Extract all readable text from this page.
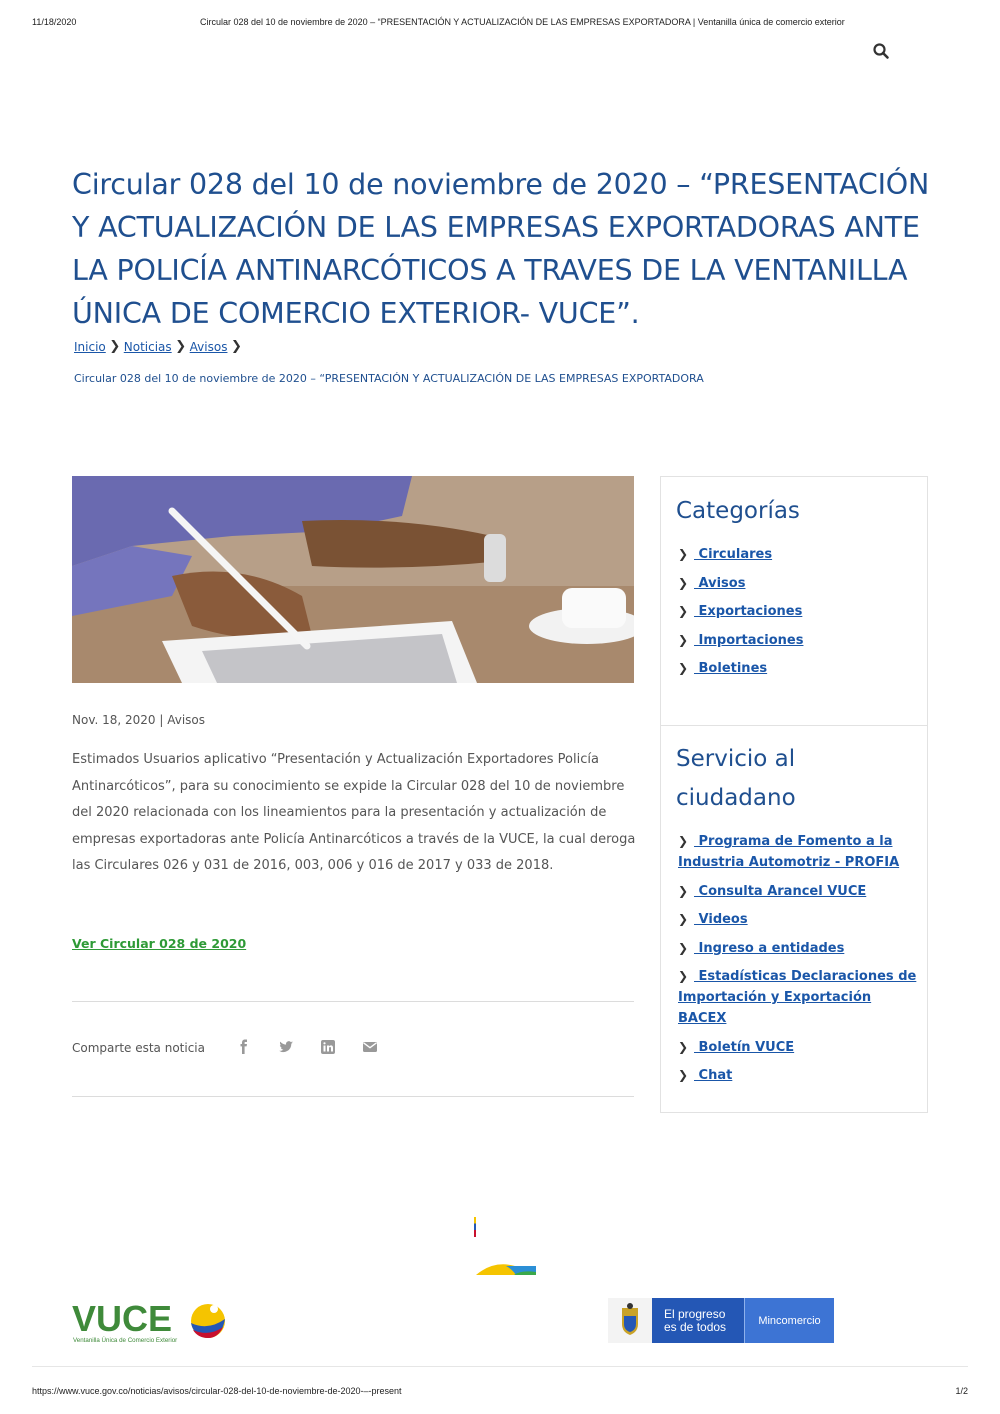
11/18/2020	Circular 028 del 10 de noviembre de 2020 – “PRESENTACIÓN Y ACTUALIZACIÓN DE LAS EMPRESAS EXPORTADORA | Ventanilla única de comercio exterior
Circular 028 del 10 de noviembre de 2020 – “PRESENTACIÓN Y ACTUALIZACIÓN DE LAS EMPRESAS EXPORTADORAS ANTE LA POLICÍA ANTINARCÓTICOS A TRAVES DE LA VENTANILLA ÚNICA DE COMERCIO EXTERIOR- VUCE”.
Inicio ❯ Noticias ❯ Avisos ❯
Circular 028 del 10 de noviembre de 2020 – “PRESENTACIÓN Y ACTUALIZACIÓN DE LAS EMPRESAS EXPORTADORA
Nov. 18, 2020 | Avisos

Estimados Usuarios aplicativo “Presentación y Actualización Exportadores Policía Antinarcóticos”, para su conocimiento se expide la Circular 028 del 10 de noviembre del 2020 relacionada con los lineamientos para la presentación y actualización de empresas exportadoras ante Policía Antinarcóticos a través de la VUCE, la cual deroga las Circulares 026 y 031 de 2016, 003, 006 y 016 de 2017 y 033 de 2018.

Ver Circular 028 de 2020
Comparte esta noticia
Categorías
❯ Circulares
❯ Avisos
❯ Exportaciones
❯ Importaciones
❯ Boletines
Servicio al ciudadano
❯ Programa de Fomento a la Industria Automotriz - PROFIA
❯ Consulta Arancel VUCE
❯ Videos
❯ Ingreso a entidades
❯ Estadísticas Declaraciones de Importación y Exportación BACEX
❯ Boletín VUCE
❯ Chat
VUCE
Ventanilla Única de Comercio Exterior
El progreso
es de todos	Mincomercio
https://www.vuce.gov.co/noticias/avisos/circular-028-del-10-de-noviembre-de-2020-–-present	1/2
